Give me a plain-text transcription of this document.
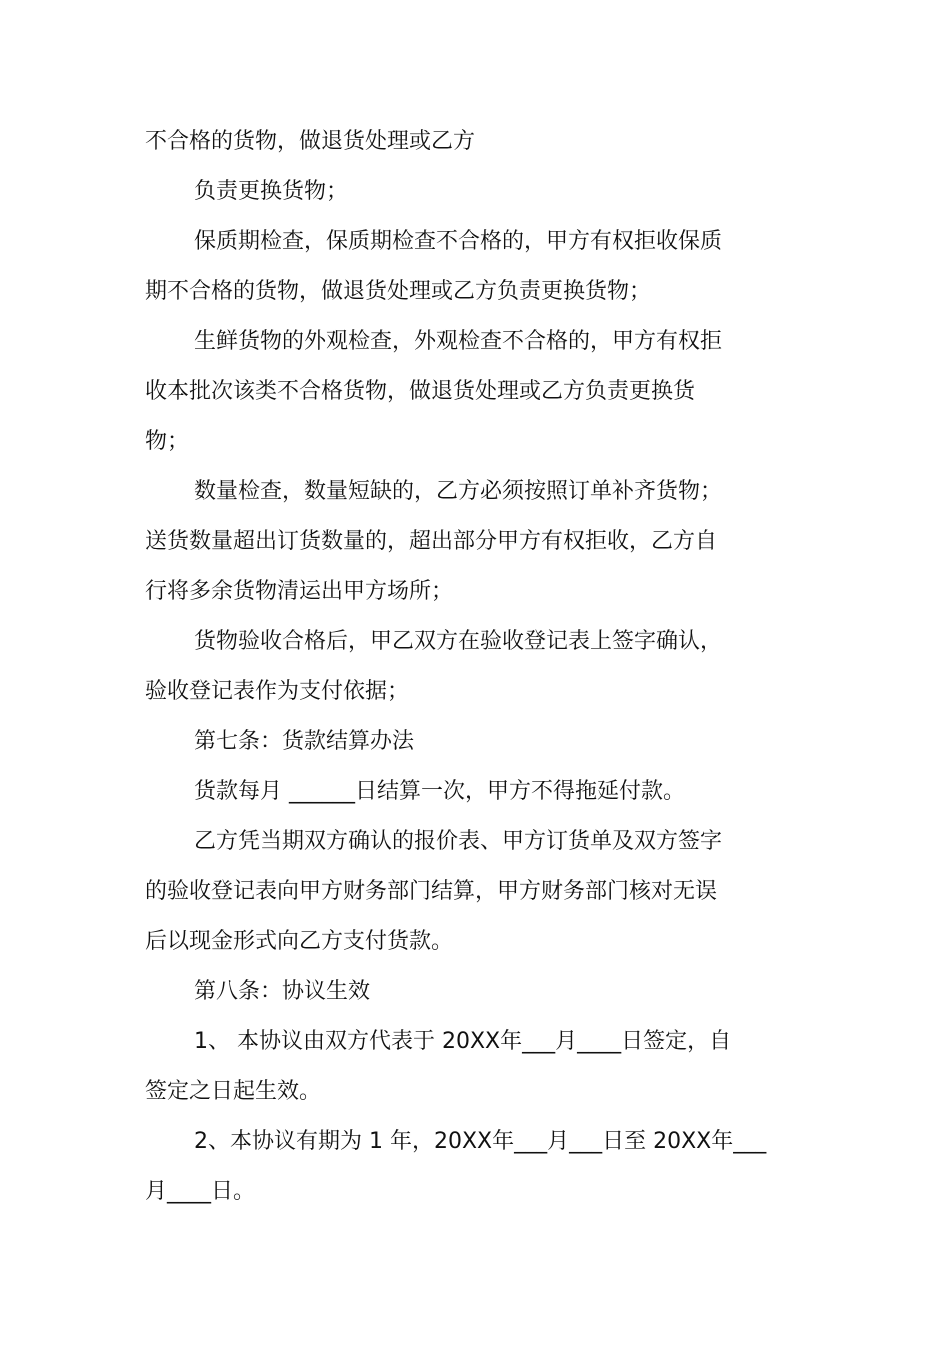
不合格的货物，做退货处理或乙方
负责更换货物；
保质期检查，保质期检查不合格的，甲方有权拒收保质
期不合格的货物，做退货处理或乙方负责更换货物；
生鲜货物的外观检查，外观检查不合格的，甲方有权拒
收本批次该类不合格货物，做退货处理或乙方负责更换货
物；
数量检查，数量短缺的，乙方必须按照订单补齐货物；
送货数量超出订货数量的，超出部分甲方有权拒收，乙方自
行将多余货物清运出甲方场所；
货物验收合格后，甲乙双方在验收登记表上签字确认，
验收登记表作为支付依据；
第七条：货款结算办法
货款每月 ______日结算一次，甲方不得拖延付款。
乙方凭当期双方确认的报价表、甲方订货单及双方签字
的验收登记表向甲方财务部门结算，甲方财务部门核对无误
后以现金形式向乙方支付货款。
第八条：协议生效
1、 本协议由双方代表于 20XX年___月____日签定，自
签定之日起生效。
2、本协议有期为 1 年，20XX年___月___日至 20XX年___
月____日。
